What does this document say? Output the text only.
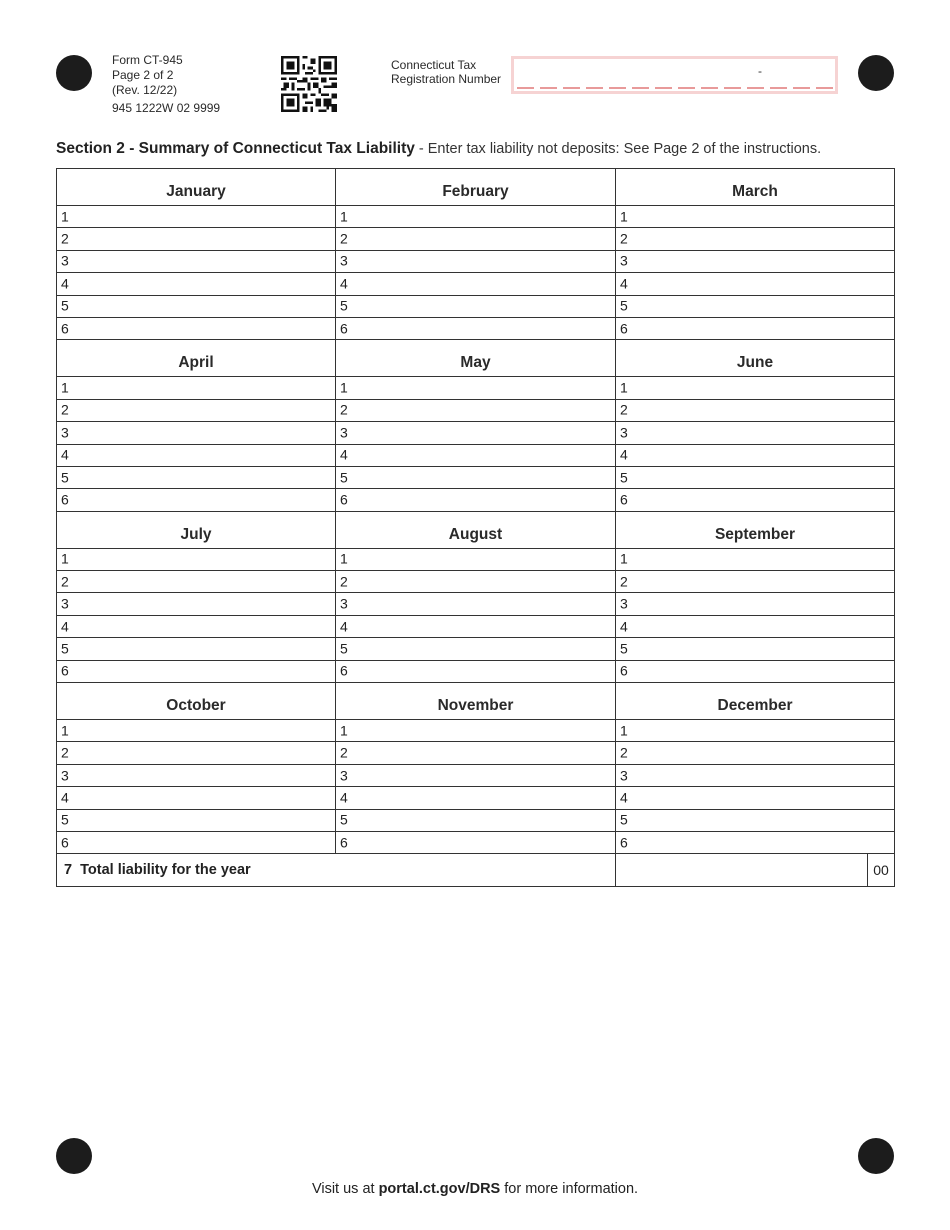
Form CT-945
Page 2 of 2
(Rev. 12/22)
945 1222W 02 9999
Connecticut Tax
Registration Number
-
Section 2 - Summary of Connecticut Tax Liability - Enter tax liability not deposits: See Page 2 of the instructions.
January	February	March
1	1	1
2	2	2
3	3	3
4	4	4
5	5	5
6	6	6
April	May	June
1	1	1
2	2	2
3	3	3
4	4	4
5	5	5
6	6	6
July	August	September
1	1	1
2	2	2
3	3	3
4	4	4
5	5	5
6	6	6
October	November	December
1	1	1
2	2	2
3	3	3
4	4	4
5	5	5
6	6	6
7  Total liability for the year		00
Visit us at portal.ct.gov/DRS for more information.
